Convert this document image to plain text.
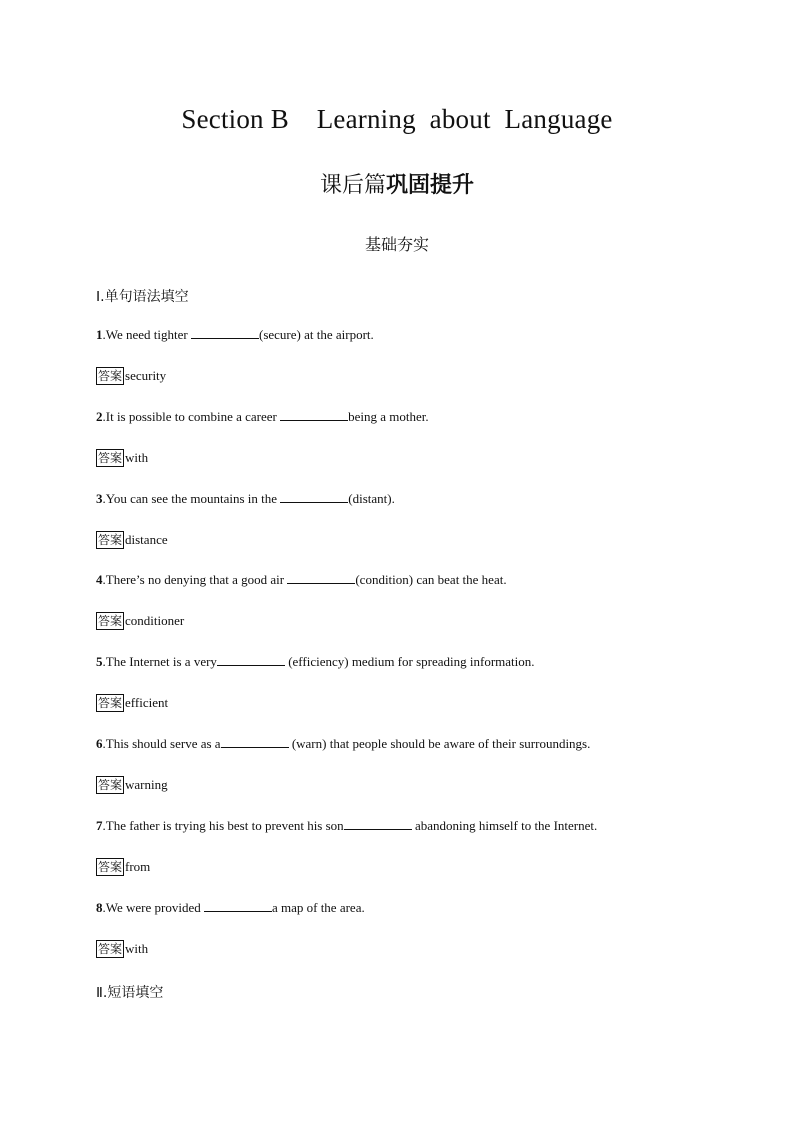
Section B    Learning  about  Language
课后篇巩固提升
基础夯实
Ⅰ.单句语法填空
1.We need tighter	(secure) at the airport.
答案 security
2.It is possible to combine a career	being a mother.
答案 with
3.You can see the mountains in the	(distant).
答案 distance
4.There’s no denying that a good air	(condition) can beat the heat.
答案 conditioner
5.The Internet is a very	(efficiency) medium for spreading information.
答案 efficient
6.This should serve as a	(warn) that people should be aware of their surroundings.
答案 warning
7.The father is trying his best to prevent his son	abandoning himself to the Internet.
答案 from
8.We were provided	a map of the area.
答案 with
Ⅱ.短语填空
